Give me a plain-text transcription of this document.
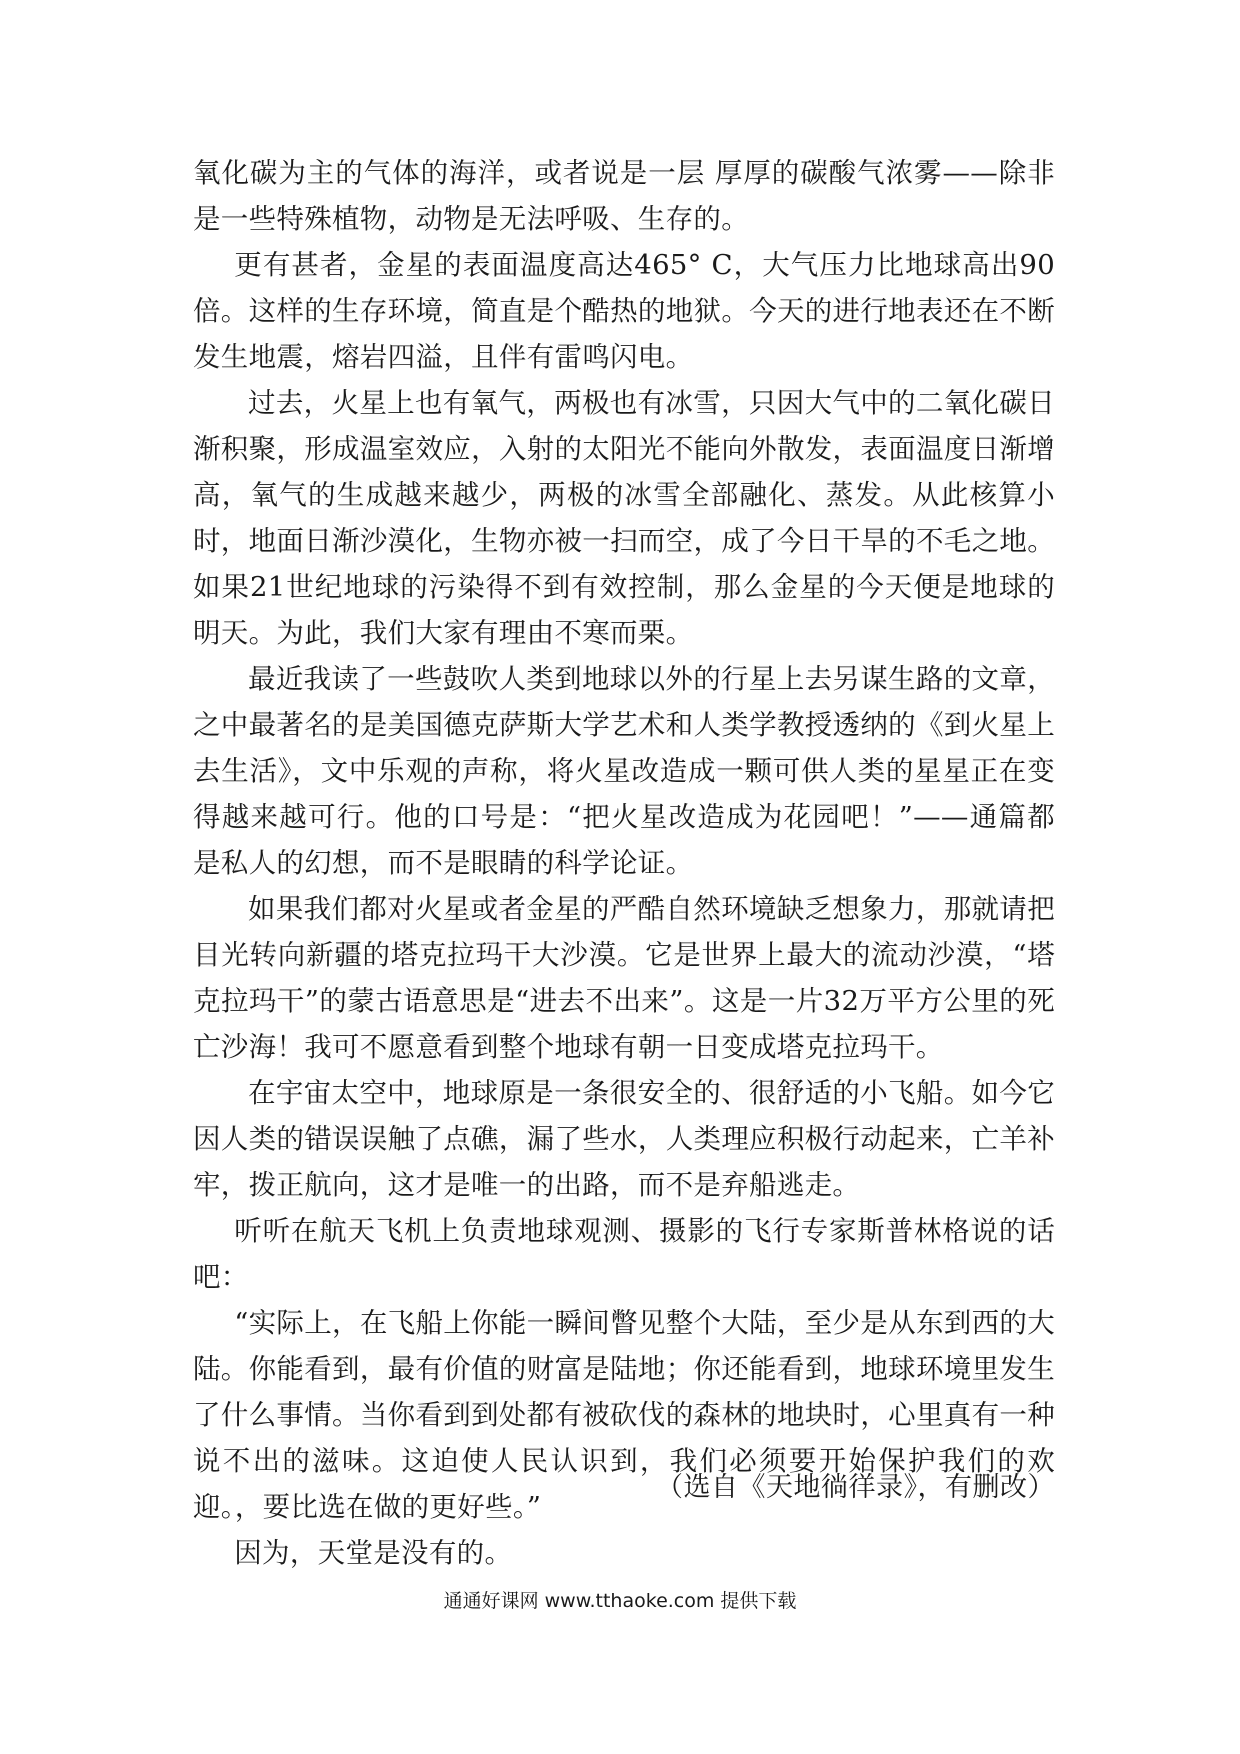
氧化碳为主的气体的海洋，或者说是一层 厚厚的碳酸气浓雾——除非是一些特殊植物，动物是无法呼吸、生存的。

更有甚者，金星的表面温度高达465° C，大气压力比地球高出90倍。这样的生存环境，简直是个酷热的地狱。今天的进行地表还在不断发生地震，熔岩四溢，且伴有雷鸣闪电。

过去，火星上也有氧气，两极也有冰雪，只因大气中的二氧化碳日渐积聚，形成温室效应，入射的太阳光不能向外散发，表面温度日渐增高，氧气的生成越来越少，两极的冰雪全部融化、蒸发。从此核算小时，地面日渐沙漠化，生物亦被一扫而空，成了今日干旱的不毛之地。如果21世纪地球的污染得不到有效控制，那么金星的今天便是地球的明天。为此，我们大家有理由不寒而栗。

最近我读了一些鼓吹人类到地球以外的行星上去另谋生路的文章，之中最著名的是美国德克萨斯大学艺术和人类学教授透纳的《到火星上去生活》，文中乐观的声称，将火星改造成一颗可供人类的星星正在变得越来越可行。他的口号是：“把火星改造成为花园吧！”——通篇都是私人的幻想，而不是眼睛的科学论证。

如果我们都对火星或者金星的严酷自然环境缺乏想象力，那就请把目光转向新疆的塔克拉玛干大沙漠。它是世界上最大的流动沙漠，“塔克拉玛干”的蒙古语意思是“进去不出来”。这是一片32万平方公里的死亡沙海！我可不愿意看到整个地球有朝一日变成塔克拉玛干。

在宇宙太空中，地球原是一条很安全的、很舒适的小飞船。如今它因人类的错误误触了点礁，漏了些水，人类理应积极行动起来，亡羊补牢，拨正航向，这才是唯一的出路，而不是弃船逃走。

听听在航天飞机上负责地球观测、摄影的飞行专家斯普林格说的话吧：

“实际上，在飞船上你能一瞬间瞥见整个大陆，至少是从东到西的大陆。你能看到，最有价值的财富是陆地；你还能看到，地球环境里发生了什么事情。当你看到到处都有被砍伐的森林的地块时，心里真有一种说不出的滋味。这迫使人民认识到，我们必须要开始保护我们的欢迎。，要比选在做的更好些。”

因为，天堂是没有的。

（选自《天地徜徉录》，有删改）
通通好课网 www.tthaoke.com 提供下载
